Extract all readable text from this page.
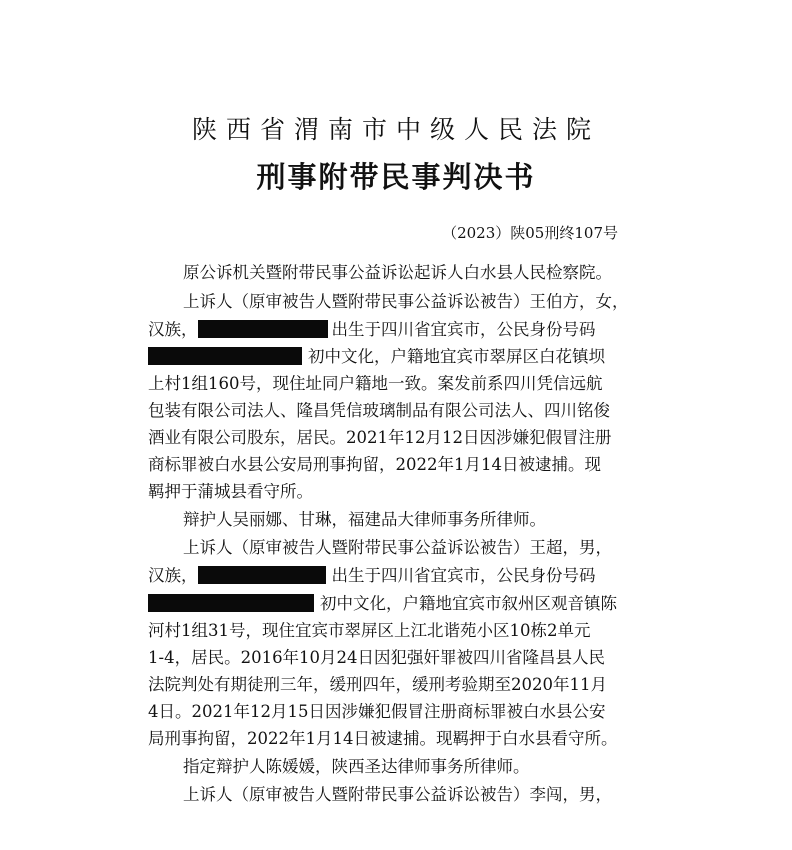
陕西省渭南市中级人民法院
刑事附带民事判决书
（2023）陕05刑终107号
原公诉机关暨附带民事公益诉讼起诉人白水县人民检察院。
上诉人（原审被告人暨附带民事公益诉讼被告）王伯方，女，
汉族，	出生于四川省宜宾市，公民身份号码
初中文化，户籍地宜宾市翠屏区白花镇坝
上村1组160号，现住址同户籍地一致。案发前系四川凭信远航
包装有限公司法人、隆昌凭信玻璃制品有限公司法人、四川铭俊
酒业有限公司股东，居民。2021年12月12日因涉嫌犯假冒注册
商标罪被白水县公安局刑事拘留，2022年1月14日被逮捕。现
羁押于蒲城县看守所。
辩护人吴丽娜、甘琳，福建品大律师事务所律师。
上诉人（原审被告人暨附带民事公益诉讼被告）王超，男，
汉族，	出生于四川省宜宾市，公民身份号码
初中文化，户籍地宜宾市叙州区观音镇陈
河村1组31号，现住宜宾市翠屏区上江北谐苑小区10栋2单元
1-4，居民。2016年10月24日因犯强奸罪被四川省隆昌县人民
法院判处有期徒刑三年，缓刑四年，缓刑考验期至2020年11月
4日。2021年12月15日因涉嫌犯假冒注册商标罪被白水县公安
局刑事拘留，2022年1月14日被逮捕。现羁押于白水县看守所。
指定辩护人陈媛媛，陕西圣达律师事务所律师。
上诉人（原审被告人暨附带民事公益诉讼被告）李闯，男，
